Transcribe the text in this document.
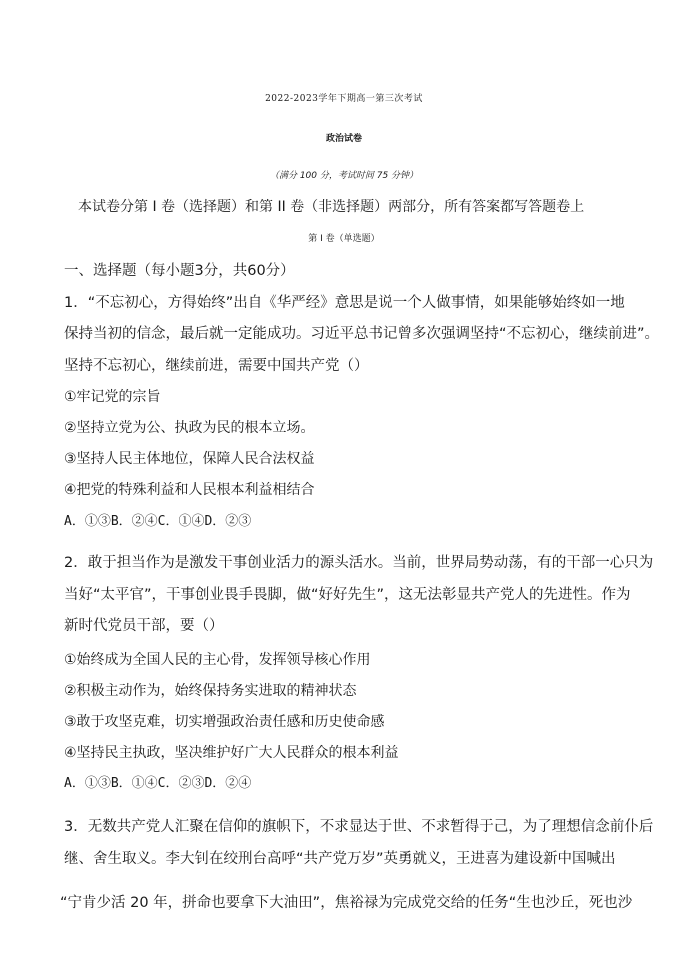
2022-2023学年下期高一第三次考试
政治试卷
（满分 100 分，考试时间 75 分钟）
本试卷分第 I 卷（选择题）和第 II 卷（非选择题）两部分，所有答案都写答题卷上
第 I 卷（单选题）
一、选择题（每小题3分，共60分）
1．“不忘初心，方得始终”出自《华严经》意思是说一个人做事情，如果能够始终如一地
保持当初的信念，最后就一定能成功。习近平总书记曾多次强调坚持“不忘初心，继续前进”。
坚持不忘初心，继续前进，需要中国共产党（）
①牢记党的宗旨
②坚持立党为公、执政为民的根本立场。
③坚持人民主体地位，保障人民合法权益
④把党的特殊利益和人民根本利益相结合
A．①③B．②④C．①④D．②③
2．敢于担当作为是激发干事创业活力的源头活水。当前，世界局势动荡，有的干部一心只为
当好“太平官”，干事创业畏手畏脚，做“好好先生”，这无法彰显共产党人的先进性。作为
新时代党员干部，要（）
①始终成为全国人民的主心骨，发挥领导核心作用
②积极主动作为，始终保持务实进取的精神状态
③敢于攻坚克难，切实增强政治责任感和历史使命感
④坚持民主执政，坚决维护好广大人民群众的根本利益
A．①③B．①④C．②③D．②④
3．无数共产党人汇聚在信仰的旗帜下，不求显达于世、不求暂得于己，为了理想信念前仆后
继、舍生取义。李大钊在绞刑台高呼“共产党万岁”英勇就义，王进喜为建设新中国喊出
“宁肯少活 20 年，拼命也要拿下大油田”，焦裕禄为完成党交给的任务“生也沙丘，死也沙
